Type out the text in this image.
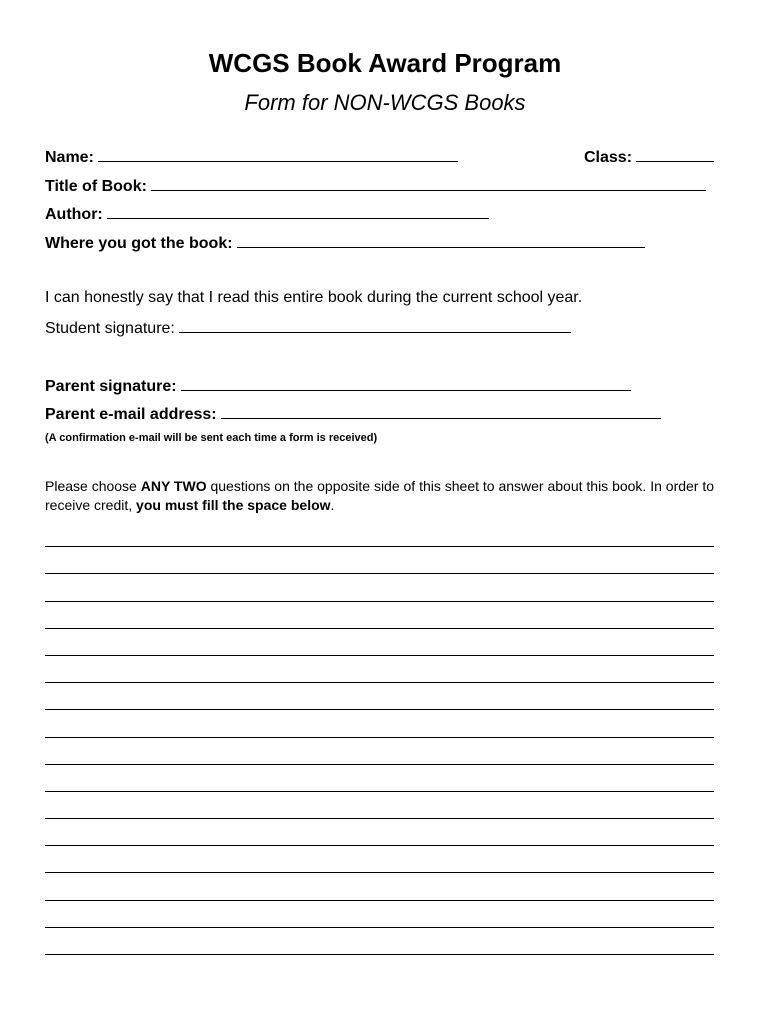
WCGS Book Award Program
Form for NON-WCGS Books
Name:	Class:
Title of Book:
Author:
Where you got the book:
I can honestly say that I read this entire book during the current school year.
Student signature:
Parent signature:
Parent e-mail address:
(A confirmation e-mail will be sent each time a form is received)
Please choose ANY TWO questions on the opposite side of this sheet to answer about this book. In order to receive credit, you must fill the space below.
